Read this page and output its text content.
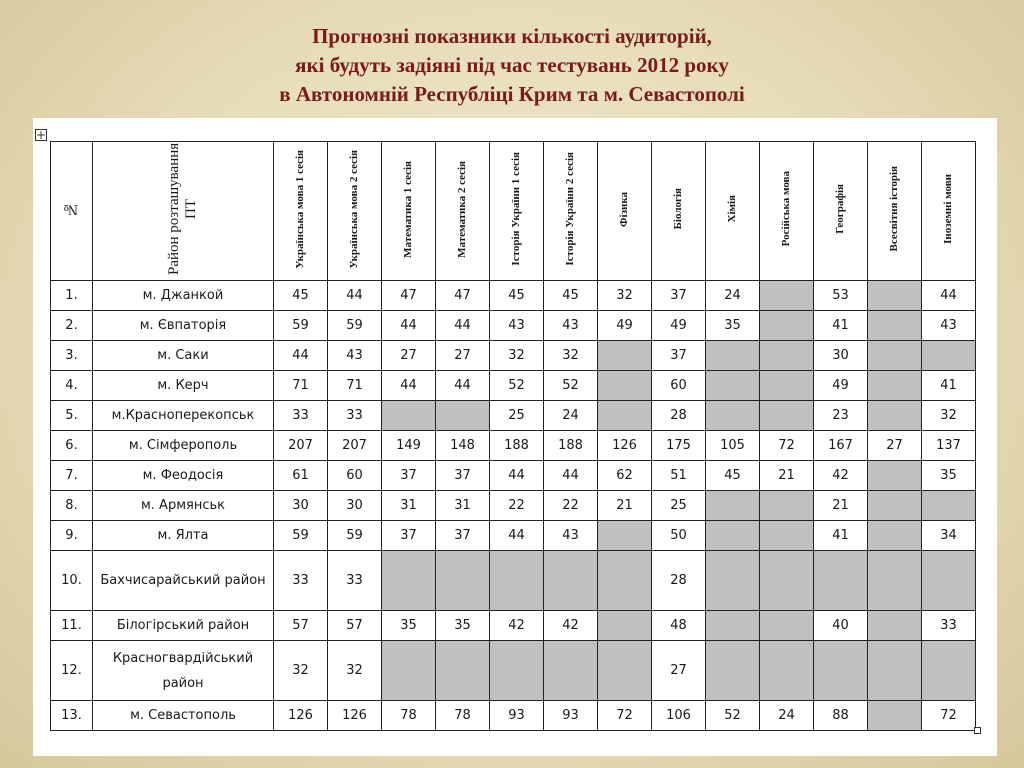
Прогнозні показники кількості аудиторій,
які будуть задіяні під час тестувань 2012 року
в Автономній Республіці Крим та м. Севастополі
+
№	Район розташування ПТ	Українська мова 1 сесія	Українська мова 2 сесія	Математика 1 сесія	Математика 2 сесія	Історія України 1 сесія	Історія України 2 сесія	Фізика	Біологія	Хімія	Російська мова	Географія	Всесвітня історія	Іноземні мови
1.	м. Джанкой	45	44	47	47	45	45	32	37	24		53		44
2.	м. Євпаторія	59	59	44	44	43	43	49	49	35		41		43
3.	м. Саки	44	43	27	27	32	32		37			30		
4.	м. Керч	71	71	44	44	52	52		60			49		41
5.	м.Красноперекопськ	33	33			25	24		28			23		32
6.	м. Сімферополь	207	207	149	148	188	188	126	175	105	72	167	27	137
7.	м. Феодосія	61	60	37	37	44	44	62	51	45	21	42		35
8.	м. Армянськ	30	30	31	31	22	22	21	25			21		
9.	м. Ялта	59	59	37	37	44	43		50			41		34
10.	Бахчисарайський район	33	33						28					
11.	Білогірський район	57	57	35	35	42	42		48			40		33
12.	Красногвардійський район	32	32						27					
13.	м. Севастополь	126	126	78	78	93	93	72	106	52	24	88		72
